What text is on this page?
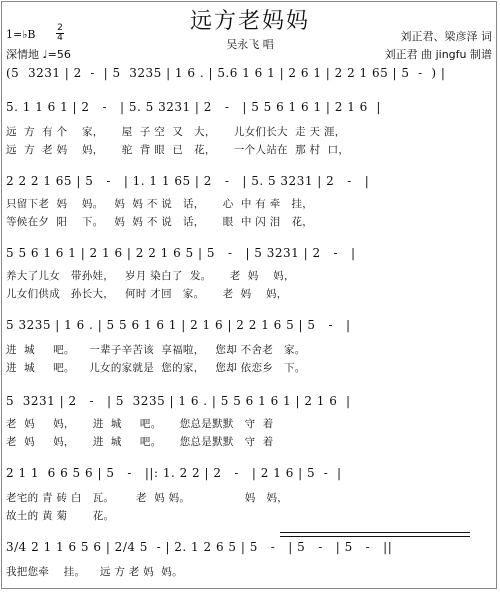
远方老妈妈
吴永飞 唱
1=♭B 2
4
深情地 ♩=56
刘正君、梁彦泽 词
刘正君 曲 jingfu 制谱
(5  3231 | 2  -  | 5  3235 | 1 6 . | 5.6 1 6 1 | 2 6 1 | 2 2 1 65 | 5  -  ) |
5. 1 1 6 1 | 2   -   | 5. 5 3231 | 2   -   | 5 5 6 1 6 1 | 2 1 6  |
远  方  有 个    家，     屋  子 空  又   大，     儿女们长大  走 天 涯，
远  方  老 妈    妈，     驼  背 眼  已   花，     一个人站在  那 村  口，
2 2 2 1 65 | 5   -   | 1. 1 1 65 | 2   -   | 5. 5 3231 | 2   -   |
只留下老  妈    妈。   妈  妈 不 说   话，     心  中 有 牵   挂，
等候在夕  阳    下。   妈  妈 不 说   话，     眼  中 闪 泪   花，
5 5 6 1 6 1 | 2 1 6 | 2 2 1 6 5 | 5   -   | 5 3231 | 2   -   |
养大了儿女   带孙娃，   岁月 染白了  发。     老  妈    妈，
儿女们供成   孙长大，   何时 才回   家。     老  妈    妈，
5 3235 | 1 6 . | 5 5 6 1 6 1 | 2 1 6 | 2 2 1 6 5 | 5   -   |
进  城     吧。    一辈子辛苦该  享福啦，   您却 不舍老   家。
进  城     吧。    儿女的家就是  您的家，   您却 依恋乡   下。
5  3231 | 2   -   | 5  3235 | 1 6 . | 5 5 6 1 6 1 | 2 1 6  |
老  妈     妈，     进  城     吧。     您总是默默   守  着
老  妈     妈，     进  城     吧。     您总是默默   守  着
2 1 1  6 6 5 6 | 5   -   ||: 1. 2 2 | 2   -   | 2 1 6 | 5  -  |
老宅的 青 砖 白   瓦。      老  妈 妈。               妈   妈，
故土的 黄 菊       花。
3/4 2 1 1 6 5 6 | 2/4 5  - | 2. 1 2 6 5 | 5   -   | 5   -   | 5   -   ||
我把您牵    挂。    远 方 老 妈  妈。
